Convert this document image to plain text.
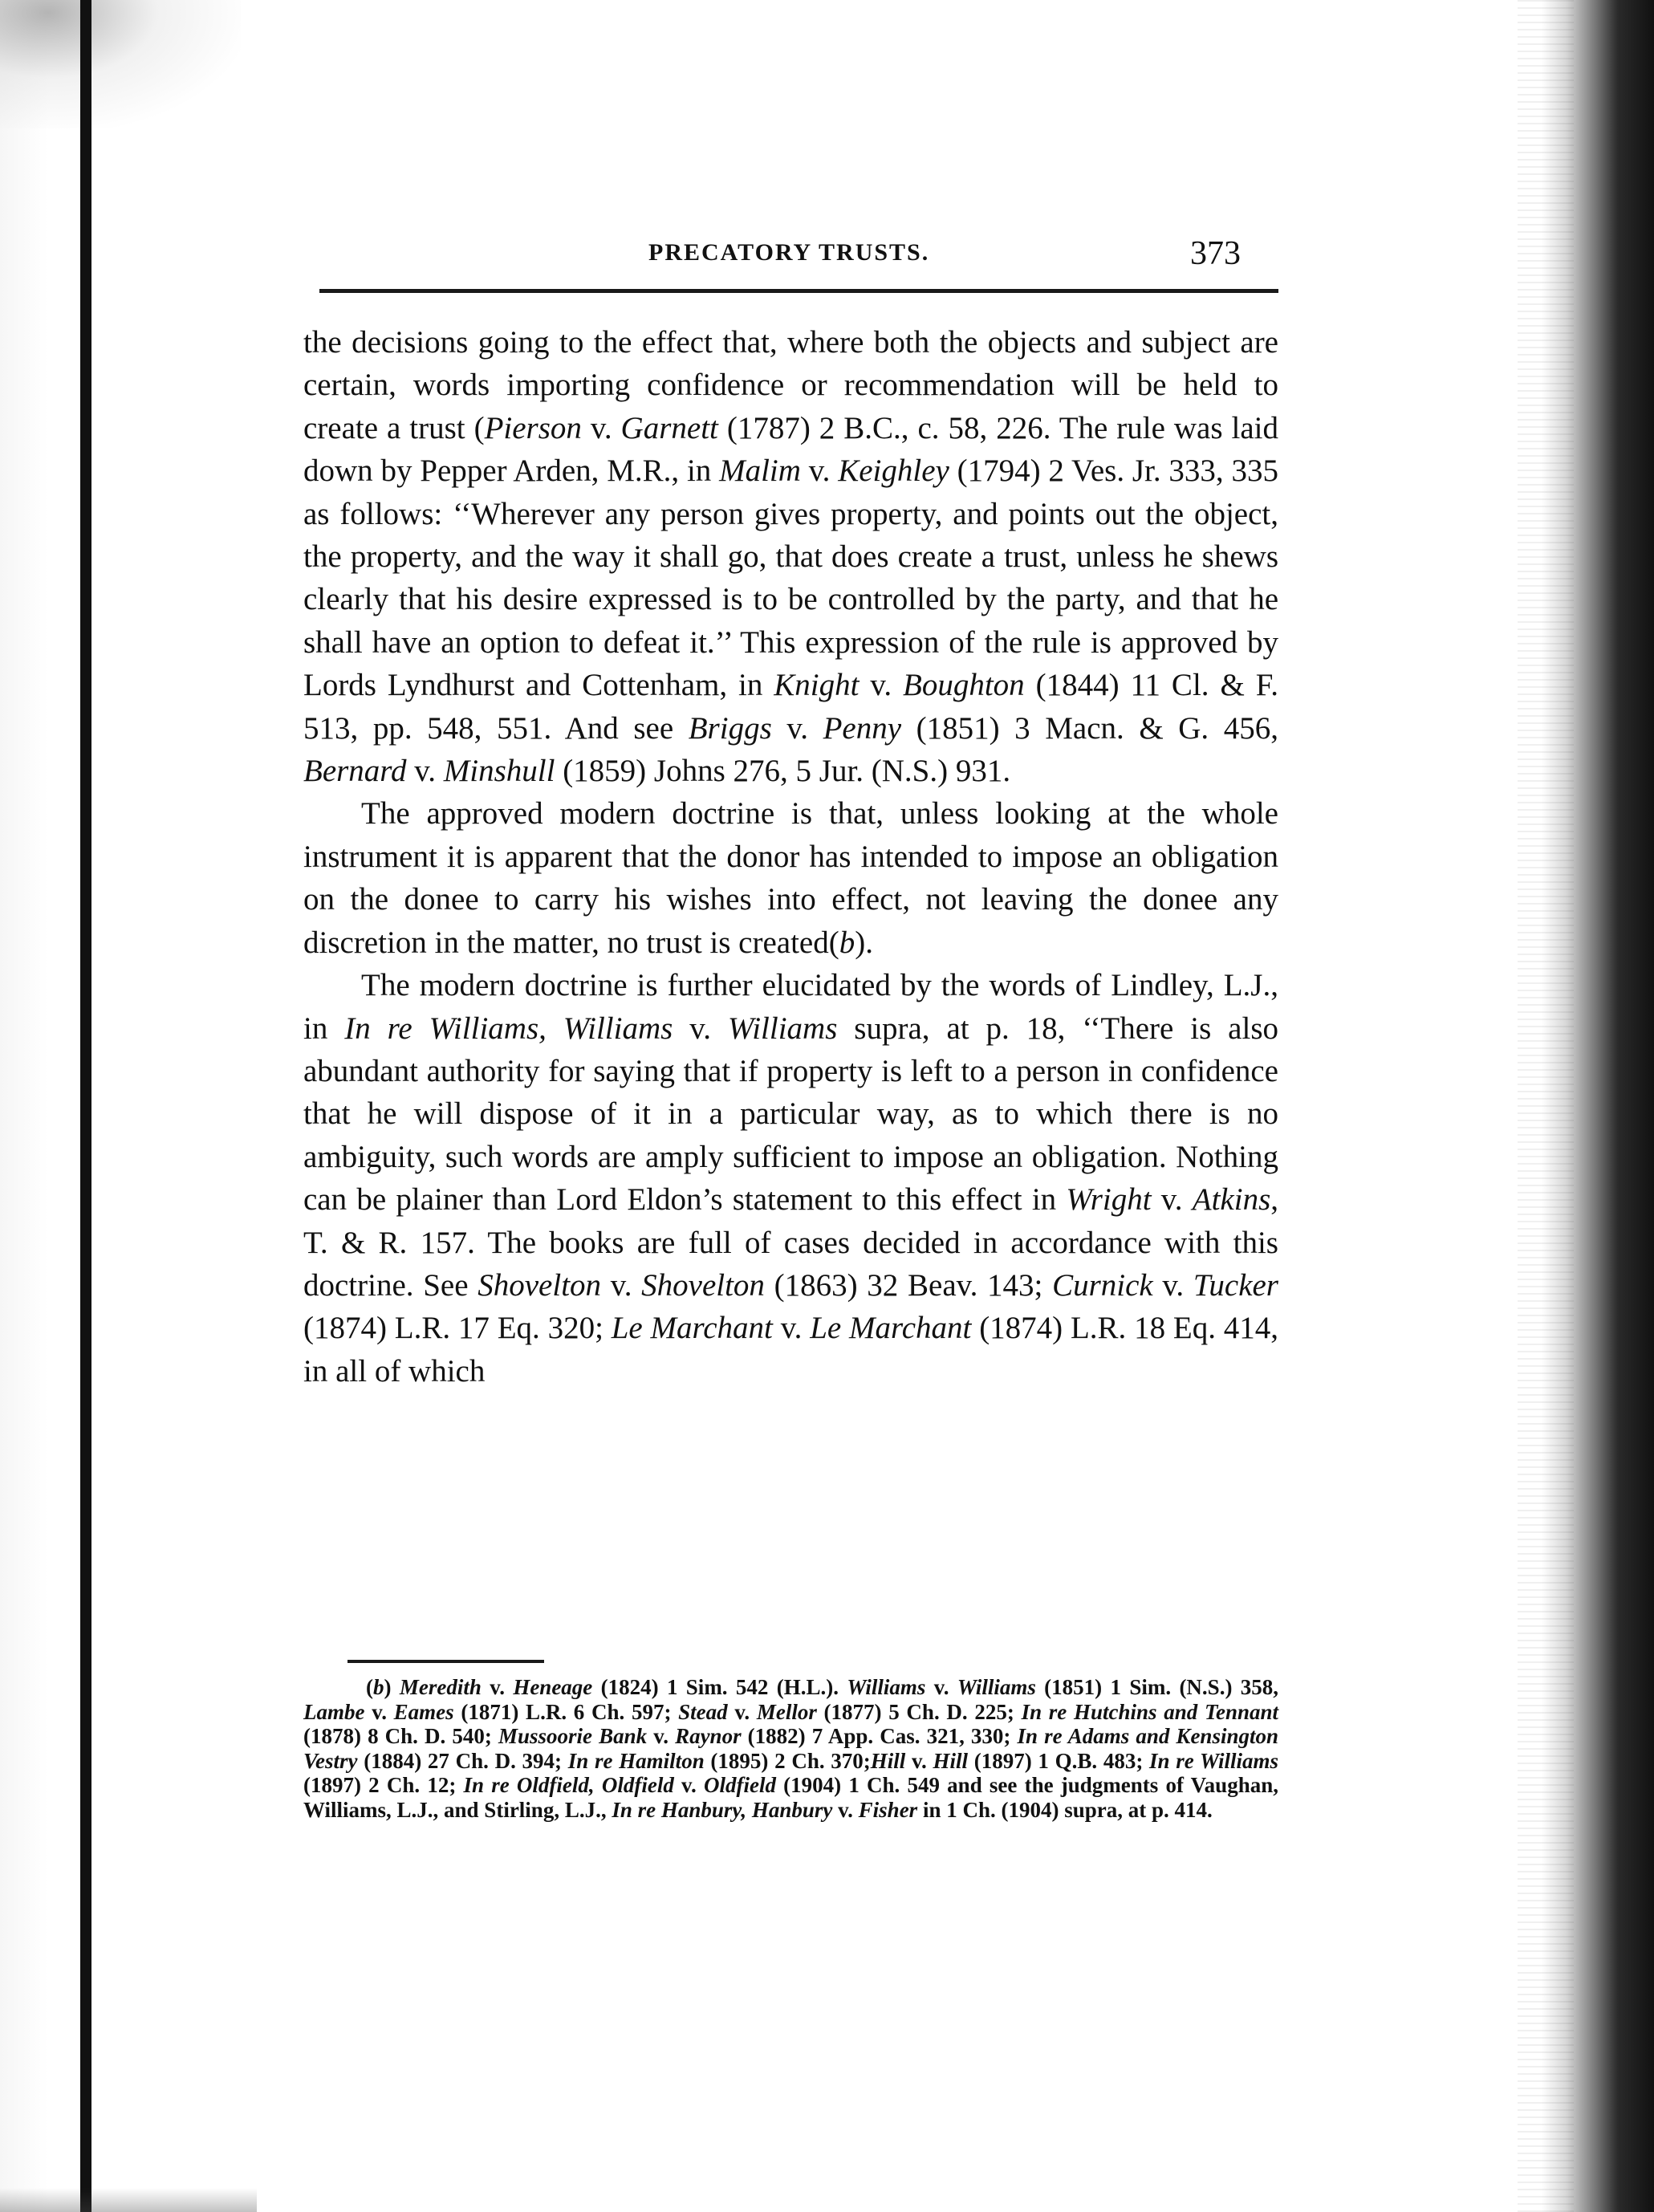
PRECATORY TRUSTS.	373

the decisions going to the effect that, where both the objects and subject are certain, words importing confidence or recommendation will be held to create a trust (Pierson v. Garnett (1787) 2 B.C., c. 58, 226. The rule was laid down by Pepper Arden, M.R., in Malim v. Keighley (1794) 2 Ves. Jr. 333, 335 as follows: ‘‘Wherever any person gives property, and points out the object, the property, and the way it shall go, that does create a trust, unless he shews clearly that his desire expressed is to be controlled by the party, and that he shall have an option to defeat it.’’ This expression of the rule is approved by Lords Lyndhurst and Cottenham, in Knight v. Boughton (1844) 11 Cl. & F. 513, pp. 548, 551. And see Briggs v. Penny (1851) 3 Macn. & G. 456, Bernard v. Minshull (1859) Johns 276, 5 Jur. (N.S.) 931.

The approved modern doctrine is that, unless looking at the whole instrument it is apparent that the donor has intended to impose an obligation on the donee to carry his wishes into effect, not leaving the donee any discretion in the matter, no trust is created(b).

The modern doctrine is further elucidated by the words of Lindley, L.J., in In re Williams, Williams v. Williams supra, at p. 18, ‘‘There is also abundant authority for saying that if property is left to a person in confidence that he will dispose of it in a particular way, as to which there is no ambiguity, such words are amply sufficient to impose an obligation. Nothing can be plainer than Lord Eldon’s statement to this effect in Wright v. Atkins, T. & R. 157. The books are full of cases decided in accordance with this doctrine. See Shovelton v. Shovelton (1863) 32 Beav. 143; Curnick v. Tucker (1874) L.R. 17 Eq. 320; Le Marchant v. Le Marchant (1874) L.R. 18 Eq. 414, in all of which

(b) Meredith v. Heneage (1824) 1 Sim. 542 (H.L.). Williams v. Williams (1851) 1 Sim. (N.S.) 358, Lambe v. Eames (1871) L.R. 6 Ch. 597; Stead v. Mellor (1877) 5 Ch. D. 225; In re Hutchins and Tennant (1878) 8 Ch. D. 540; Mussoorie Bank v. Raynor (1882) 7 App. Cas. 321, 330; In re Adams and Kensington Vestry (1884) 27 Ch. D. 394; In re Hamilton (1895) 2 Ch. 370;Hill v. Hill (1897) 1 Q.B. 483; In re Williams (1897) 2 Ch. 12; In re Oldfield, Oldfield v. Oldfield (1904) 1 Ch. 549 and see the judgments of Vaughan, Williams, L.J., and Stirling, L.J., In re Hanbury, Hanbury v. Fisher in 1 Ch. (1904) supra, at p. 414.
